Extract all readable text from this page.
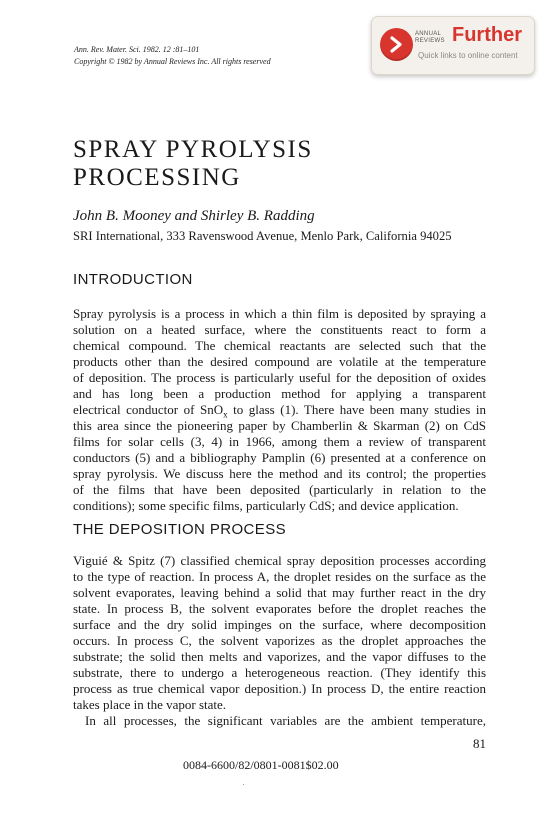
Ann. Rev. Mater. Sci. 1982. 12 :81–101
Copyright © 1982 by Annual Reviews Inc. All rights reserved
ANNUAL REVIEWS Further
Quick links to online content
SPRAY PYROLYSIS
PROCESSING
John B. Mooney and Shirley B. Radding
SRI International, 333 Ravenswood Avenue, Menlo Park, California 94025
INTRODUCTION
Spray pyrolysis is a process in which a thin film is deposited by spraying a
solution on a heated surface, where the constituents react to form a
chemical compound. The chemical reactants are selected such that the
products other than the desired compound are volatile at the temperature
of deposition. The process is particularly useful for the deposition of oxides
and has long been a production method for applying a transparent
electrical conductor of SnO$_x$ to glass (1). There have been many studies in
this area since the pioneering paper by Chamberlin & Skarman (2) on CdS
films for solar cells (3, 4) in 1966, among them a review of transparent
conductors (5) and a bibliography Pamplin (6) presented at a conference on
spray pyrolysis. We discuss here the method and its control; the properties
of the films that have been deposited (particularly in relation to the
conditions); some specific films, particularly CdS; and device application.
THE DEPOSITION PROCESS
Viguié & Spitz (7) classified chemical spray deposition processes according
to the type of reaction. In process A, the droplet resides on the surface as the
solvent evaporates, leaving behind a solid that may further react in the dry
state. In process B, the solvent evaporates before the droplet reaches the
surface and the dry solid impinges on the surface, where decomposition
occurs. In process C, the solvent vaporizes as the droplet approaches the
substrate; the solid then melts and vaporizes, and the vapor diffuses to the
substrate, there to undergo a heterogeneous reaction. (They identify this
process as true chemical vapor deposition.) In process D, the entire reaction
takes place in the vapor state.
In all processes, the significant variables are the ambient temperature,
81
0084-6600/82/0801-0081$02.00
